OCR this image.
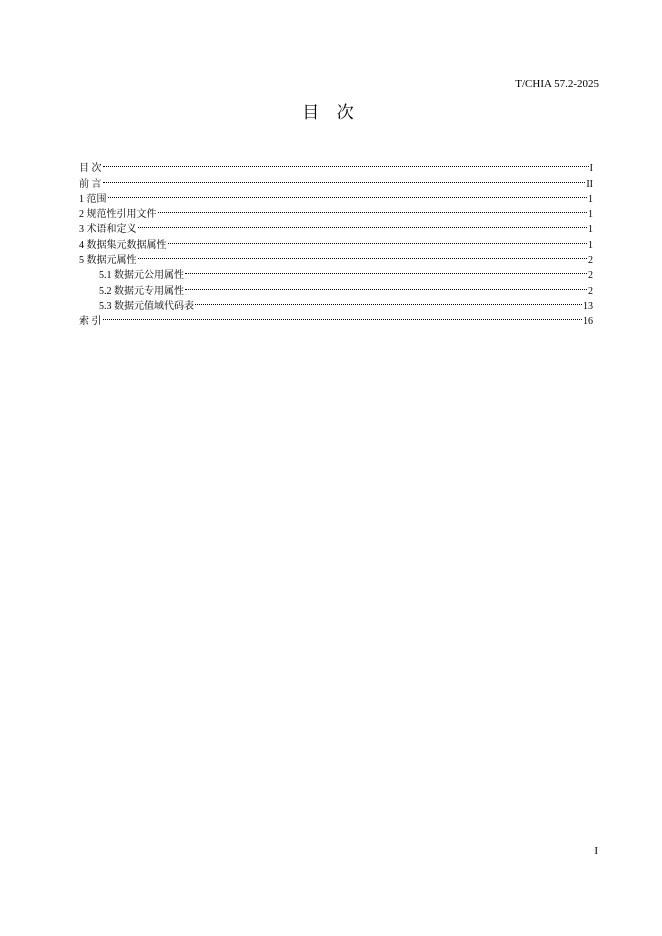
T/CHIA 57.2-2025
目 次
目 次	I
前 言	II
1 范围	1
2 规范性引用文件	1
3 术语和定义	1
4 数据集元数据属性	1
5 数据元属性	2
5.1 数据元公用属性	2
5.2 数据元专用属性	2
5.3 数据元值域代码表	13
索 引	16
I
